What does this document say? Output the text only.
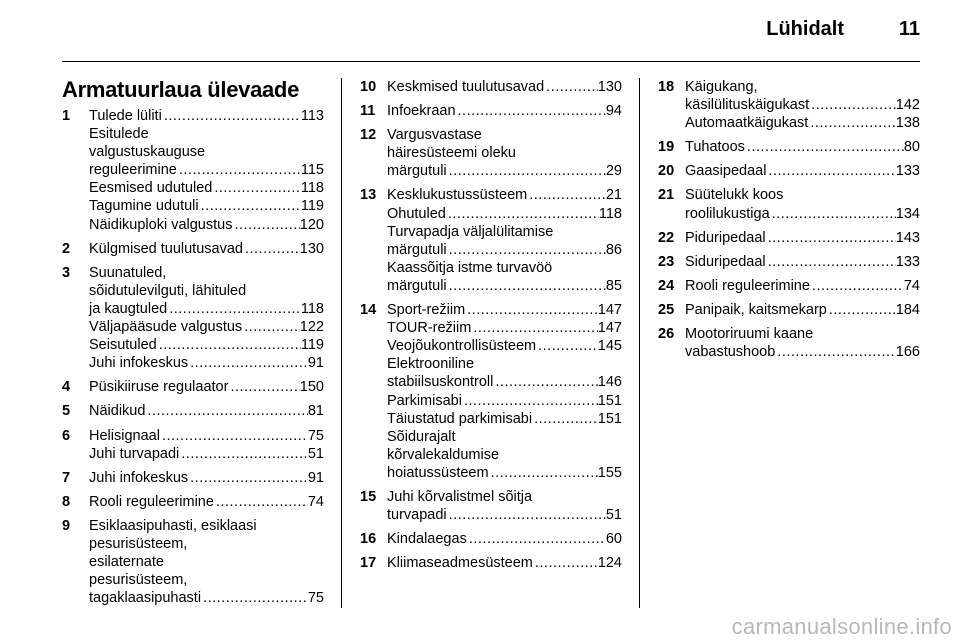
Lühidalt	11
Armatuurlaua ülevaade
1 Tulede lüliti .....	113
Esitulede
valgustuskauguse
reguleerimine .....	115
Eesmised udutuled .....	118
Tagumine udutuli .....	119
Näidikuploki valgustus .....	120
2 Külgmised tuulutusavad .....	130
3 Suunatuled,
sõidutulevilguti, lähituled
ja kaugtuled .....	118
Väljapääsude valgustus .....	122
Seisutuled .....	119
Juhi infokeskus .....	91
4 Püsikiiruse regulaator .....	150
5 Näidikud .....	81
6 Helisignaal .....	75
Juhi turvapadi .....	51
7 Juhi infokeskus .....	91
8 Rooli reguleerimine .....	74
9 Esiklaasipuhasti, esiklaasi
pesurisüsteem,
esilaternate
pesurisüsteem,
tagaklaasipuhasti .....	75
10 Keskmised tuulutusavad .....	130
11 Infoekraan .....	94
12 Vargusvastase
häiresüsteemi oleku
märgutuli .....	29
13 Kesklukustussüsteem .....	21
Ohutuled .....	118
Turvapadja väljalülitamise
märgutuli .....	86
Kaassõitja istme turvavöö
märgutuli .....	85
14 Sport-režiim .....	147
TOUR-režiim .....	147
Veojõukontrollisüsteem .....	145
Elektrooniline
stabiilsuskontroll .....	146
Parkimisabi .....	151
Täiustatud parkimisabi .....	151
Sõidurajalt
kõrvalekaldumise
hoiatussüsteem .....	155
15 Juhi kõrvalistmel sõitja
turvapadi .....	51
16 Kindalaegas .....	60
17 Kliimaseadmesüsteem .....	124
18 Käigukang,
käsilülituskäigukast .....	142
Automaatkäigukast .....	138
19 Tuhatoos .....	80
20 Gaasipedaal .....	133
21 Süütelukk koos
roolilukustiga .....	134
22 Piduripedaal .....	143
23 Siduripedaal .....	133
24 Rooli reguleerimine .....	74
25 Panipaik, kaitsmekarp .....	184
26 Mootoriruumi kaane
vabastushoob .....	166
carmanualsonline.info
